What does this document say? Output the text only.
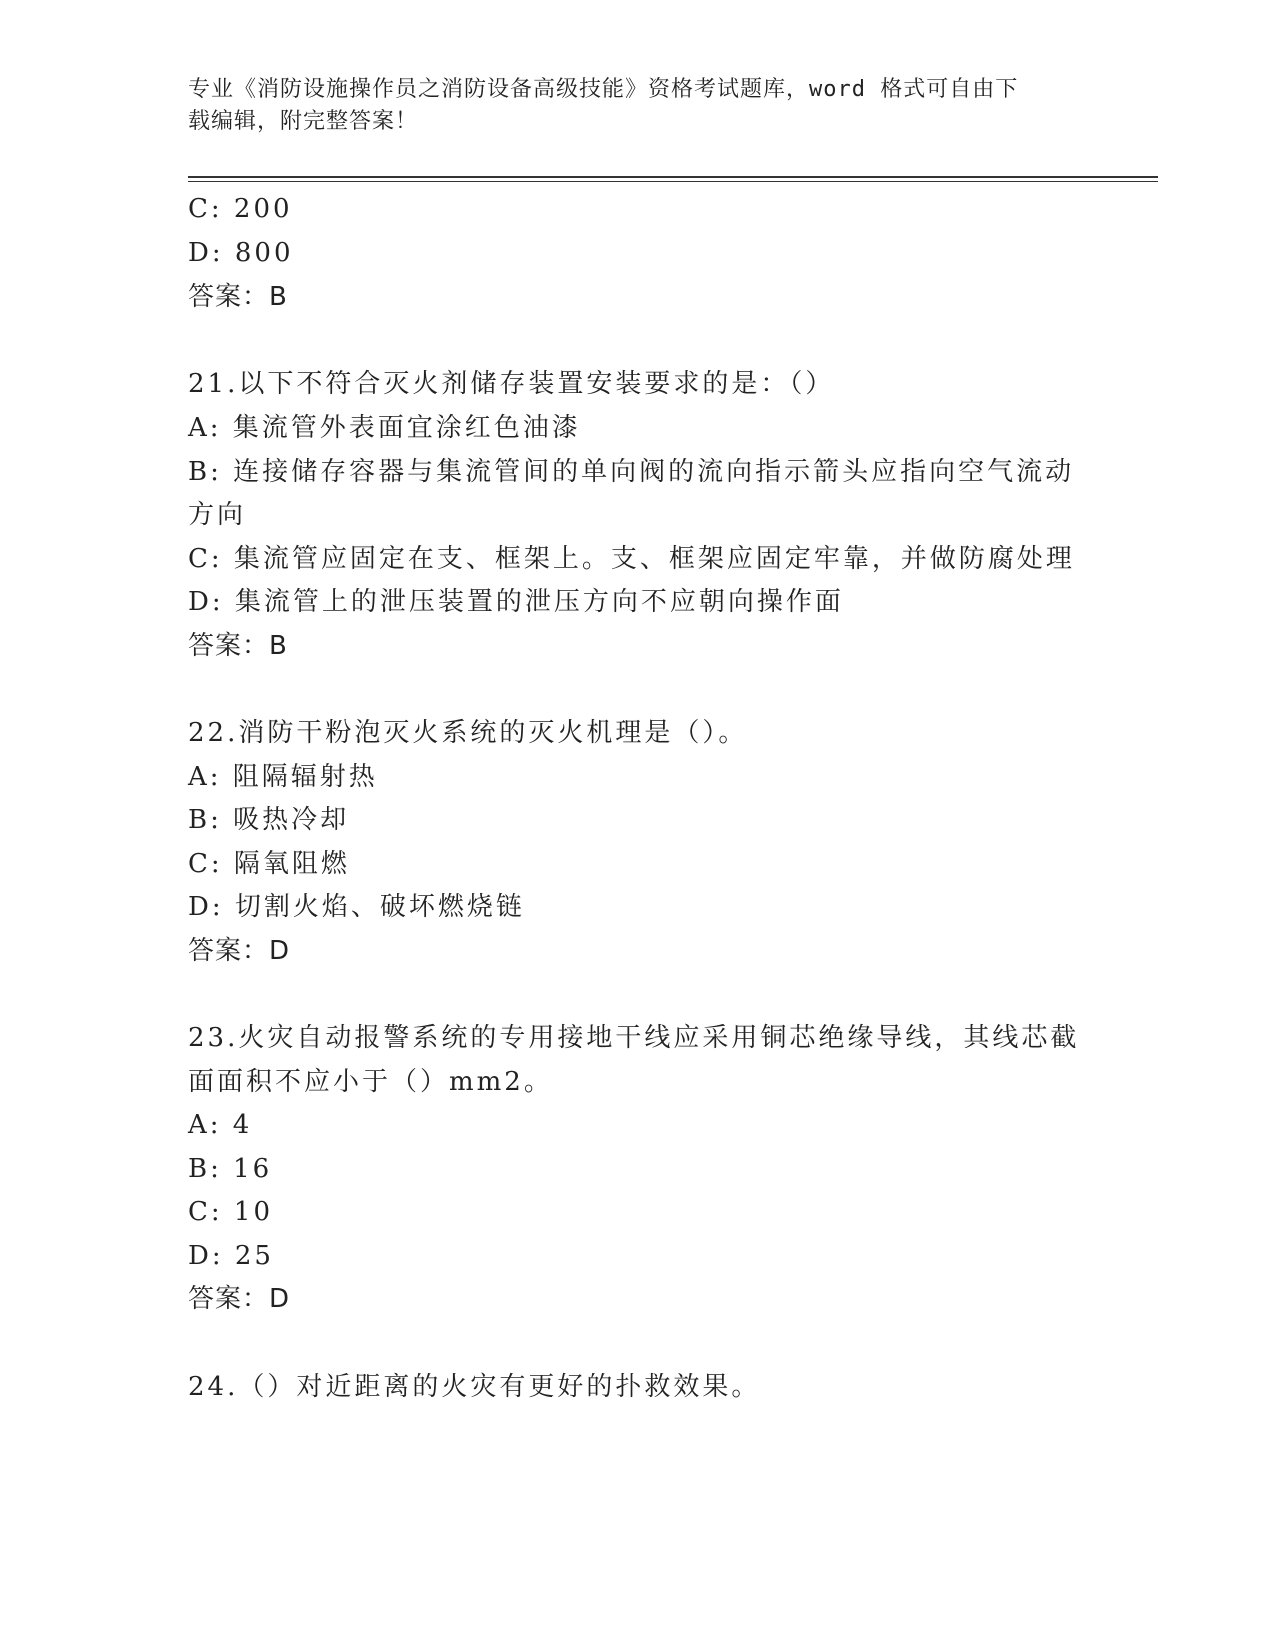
专业《消防设施操作员之消防设备高级技能》资格考试题库，word 格式可自由下
载编辑，附完整答案！
C: 200
D: 800
答案：B
21.以下不符合灭火剂储存装置安装要求的是：（）
A: 集流管外表面宜涂红色油漆
B: 连接储存容器与集流管间的单向阀的流向指示箭头应指向空气流动
方向
C: 集流管应固定在支、框架上。支、框架应固定牢靠，并做防腐处理
D: 集流管上的泄压装置的泄压方向不应朝向操作面
答案：B
22.消防干粉泡灭火系统的灭火机理是（）。
A: 阻隔辐射热
B: 吸热冷却
C: 隔氧阻燃
D: 切割火焰、破坏燃烧链
答案：D
23.火灾自动报警系统的专用接地干线应采用铜芯绝缘导线，其线芯截
面面积不应小于（）mm2。
A: 4
B: 16
C: 10
D: 25
答案：D
24.（）对近距离的火灾有更好的扑救效果。
